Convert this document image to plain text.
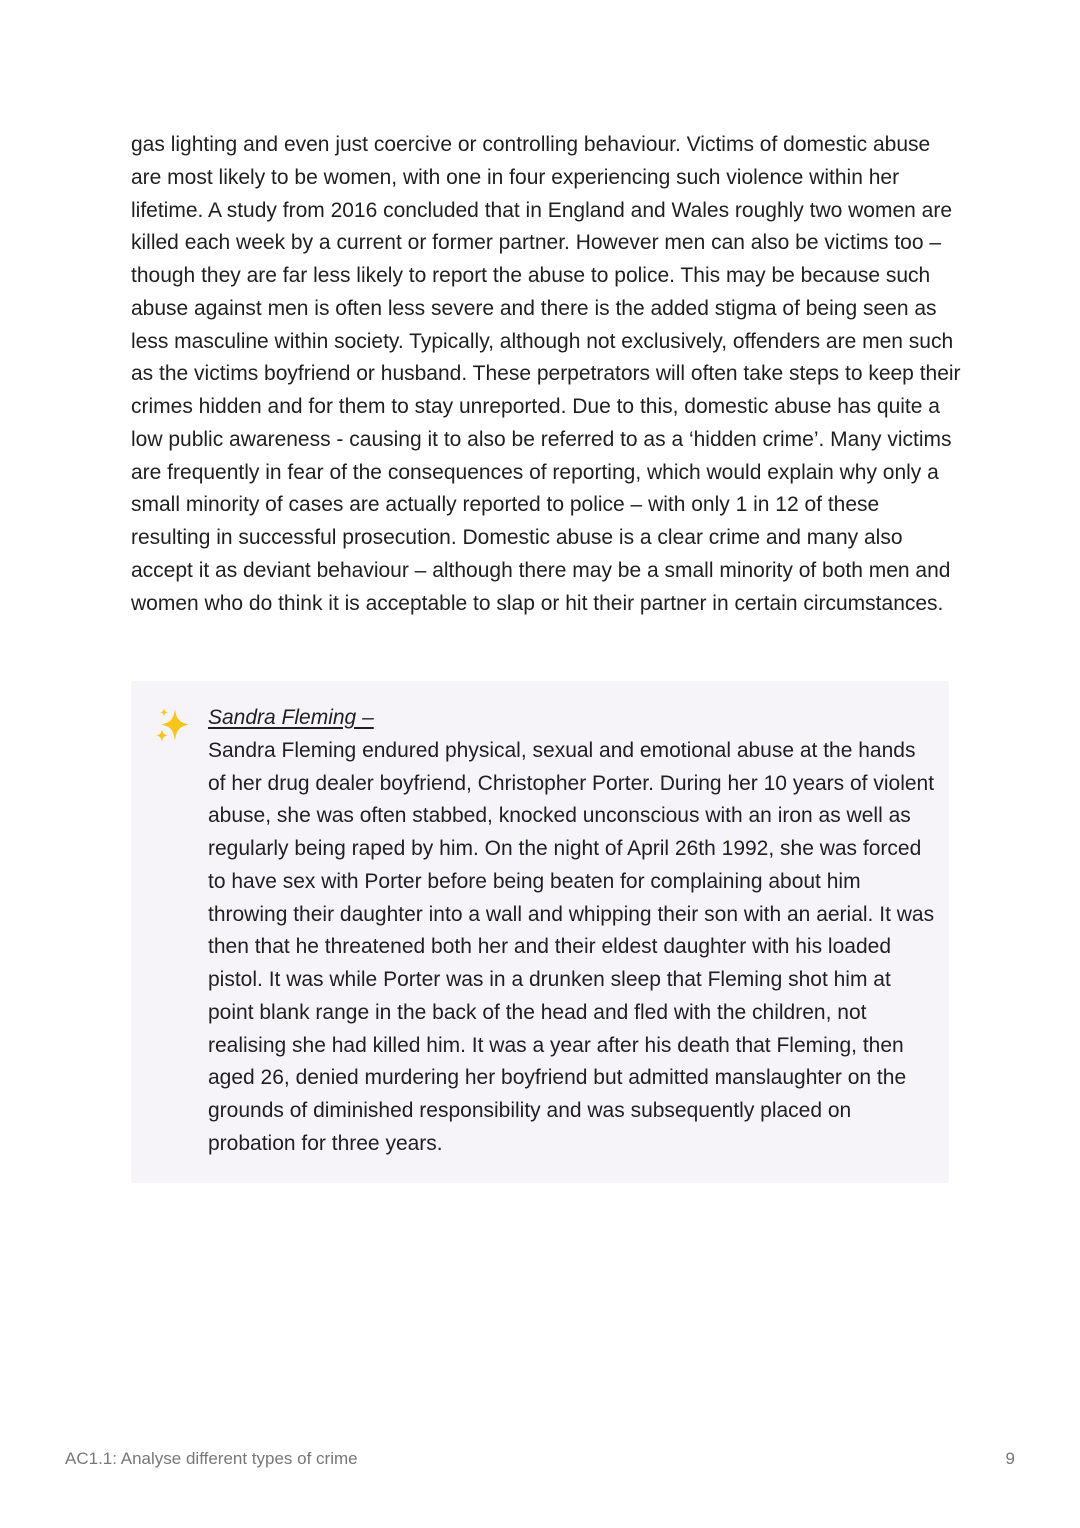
gas lighting and even just coercive or controlling behaviour. Victims of domestic abuse are most likely to be women, with one in four experiencing such violence within her lifetime. A study from 2016 concluded that in England and Wales roughly two women are killed each week by a current or former partner. However men can also be victims too – though they are far less likely to report the abuse to police. This may be because such abuse against men is often less severe and there is the added stigma of being seen as less masculine within society. Typically, although not exclusively, offenders are men such as the victims boyfriend or husband. These perpetrators will often take steps to keep their crimes hidden and for them to stay unreported. Due to this, domestic abuse has quite a low public awareness - causing it to also be referred to as a ‘hidden crime’. Many victims are frequently in fear of the consequences of reporting, which would explain why only a small minority of cases are actually reported to police – with only 1 in 12 of these resulting in successful prosecution. Domestic abuse is a clear crime and many also accept it as deviant behaviour – although there may be a small minority of both men and women who do think it is acceptable to slap or hit their partner in certain circumstances.

Sandra Fleming –

Sandra Fleming endured physical, sexual and emotional abuse at the hands of her drug dealer boyfriend, Christopher Porter. During her 10 years of violent abuse, she was often stabbed, knocked unconscious with an iron as well as regularly being raped by him. On the night of April 26th 1992, she was forced to have sex with Porter before being beaten for complaining about him throwing their daughter into a wall and whipping their son with an aerial. It was then that he threatened both her and their eldest daughter with his loaded pistol. It was while Porter was in a drunken sleep that Fleming shot him at point blank range in the back of the head and fled with the children, not realising she had killed him. It was a year after his death that Fleming, then aged 26, denied murdering her boyfriend but admitted manslaughter on the grounds of diminished responsibility and was subsequently placed on probation for three years.

AC1.1: Analyse different types of crime	9
